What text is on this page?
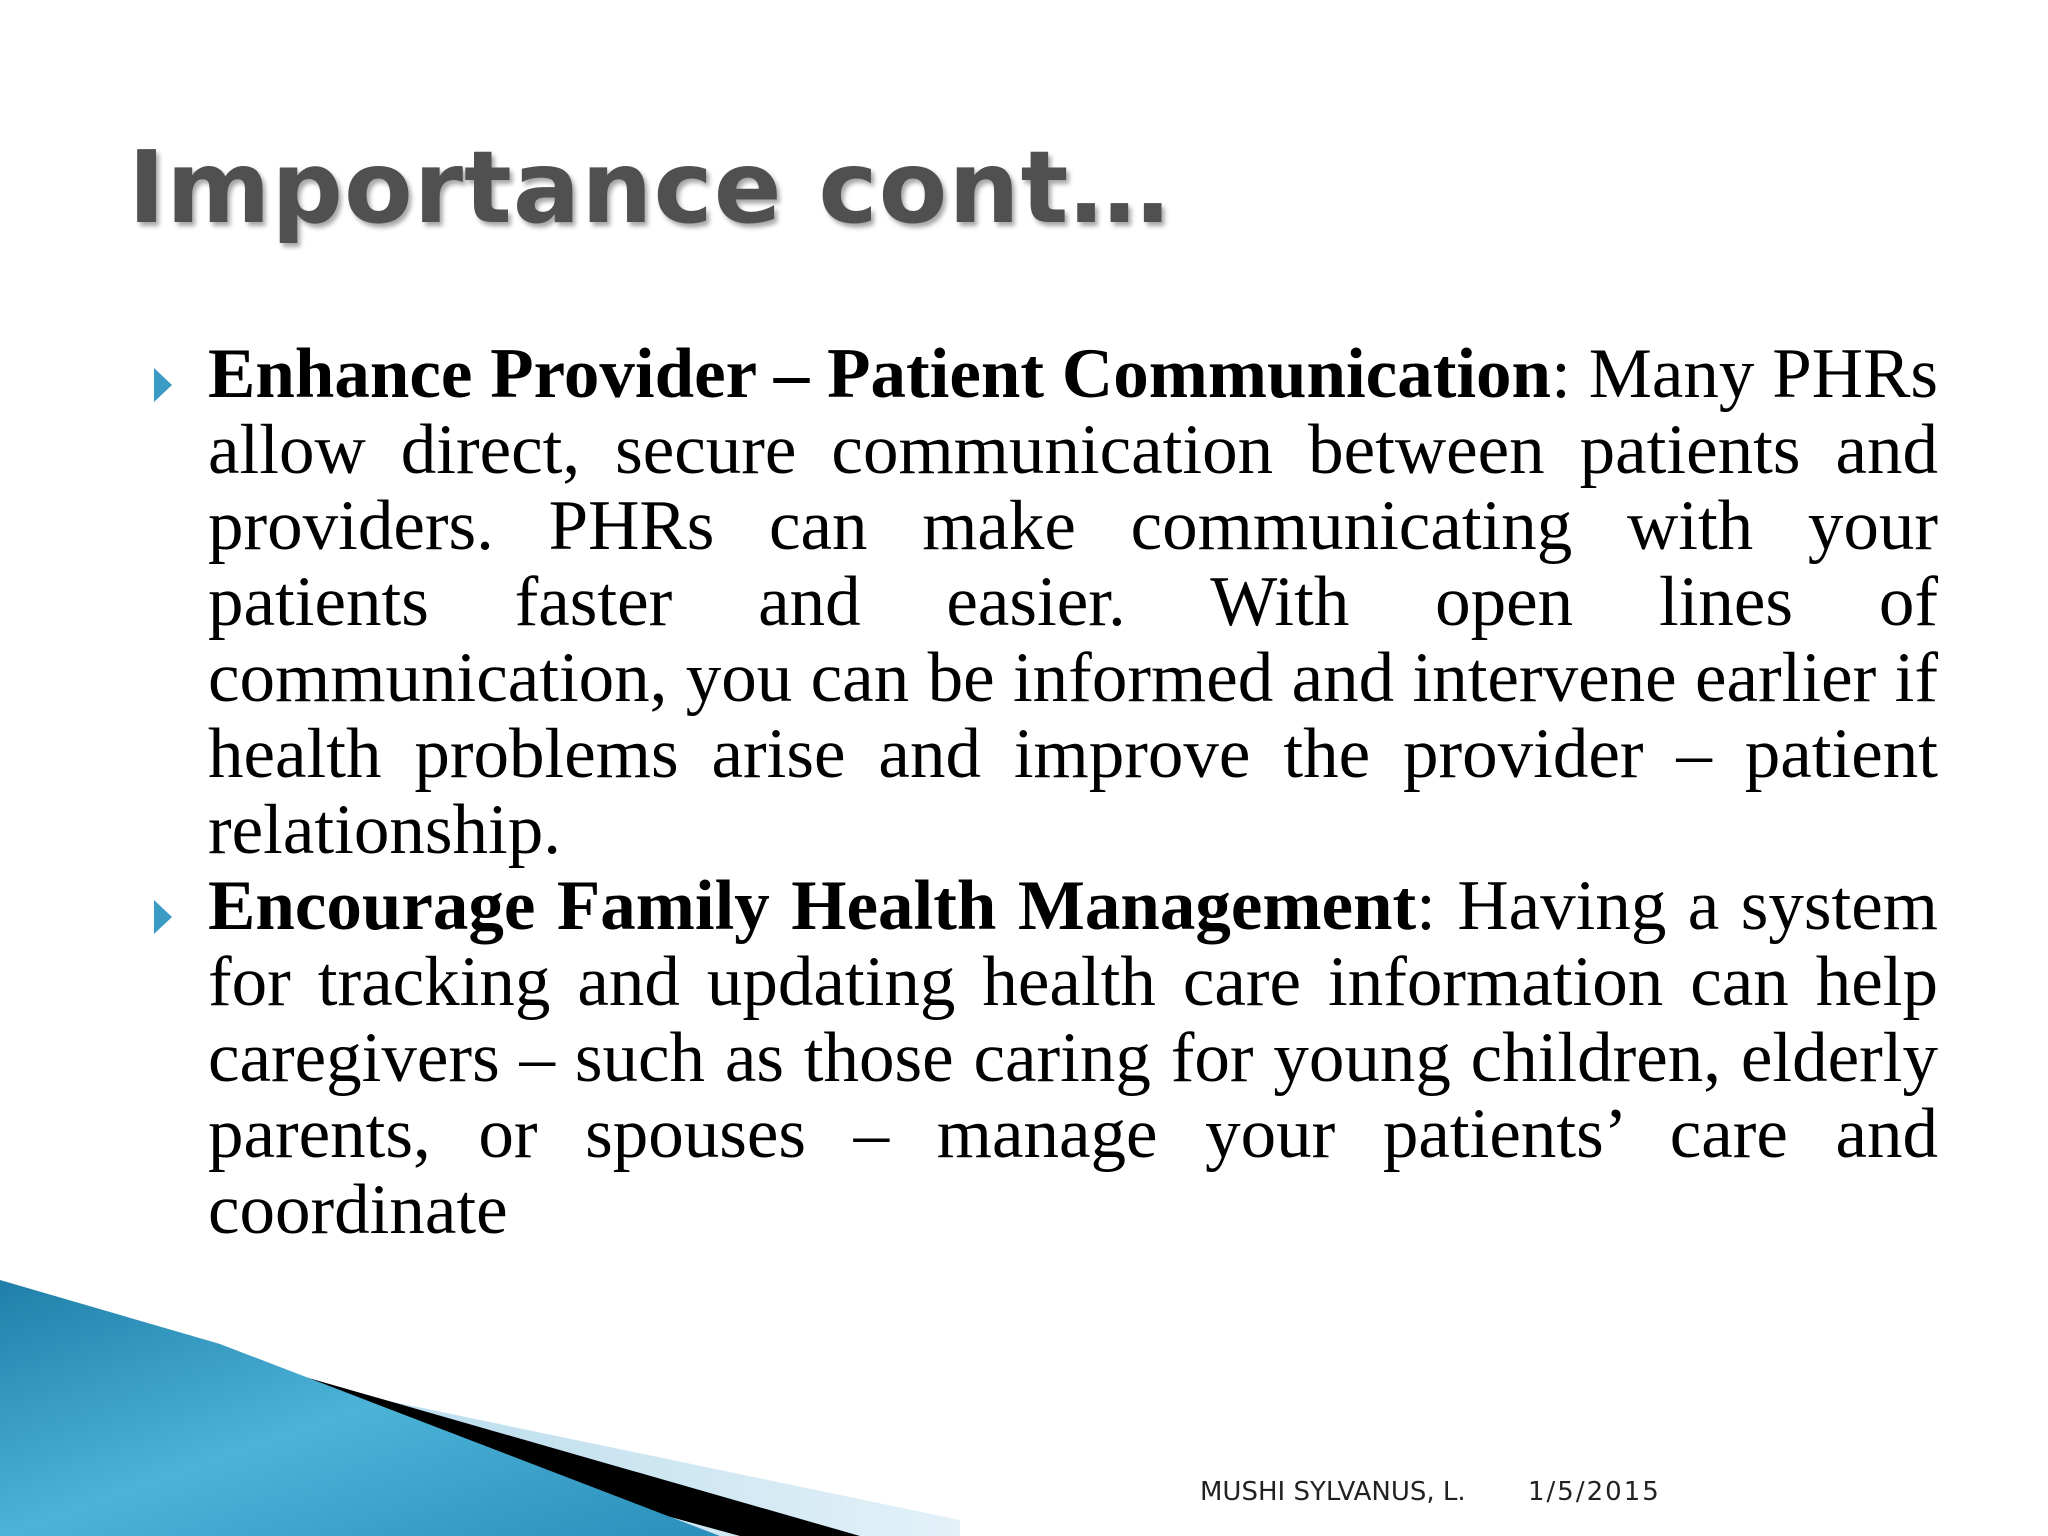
Importance cont…

Enhance Provider – Patient Communication: Many PHRs allow direct, secure communication between patients and providers. PHRs can make communicating with your patients faster and easier. With open lines of communication, you can be informed and intervene earlier if health problems arise and improve the provider – patient relationship.

Encourage Family Health Management: Having a system for tracking and updating health care information can help caregivers – such as those caring for young children, elderly parents, or spouses – manage your patients’ care and coordinate

MUSHI SYLVANUS, L. 1/5/2015
